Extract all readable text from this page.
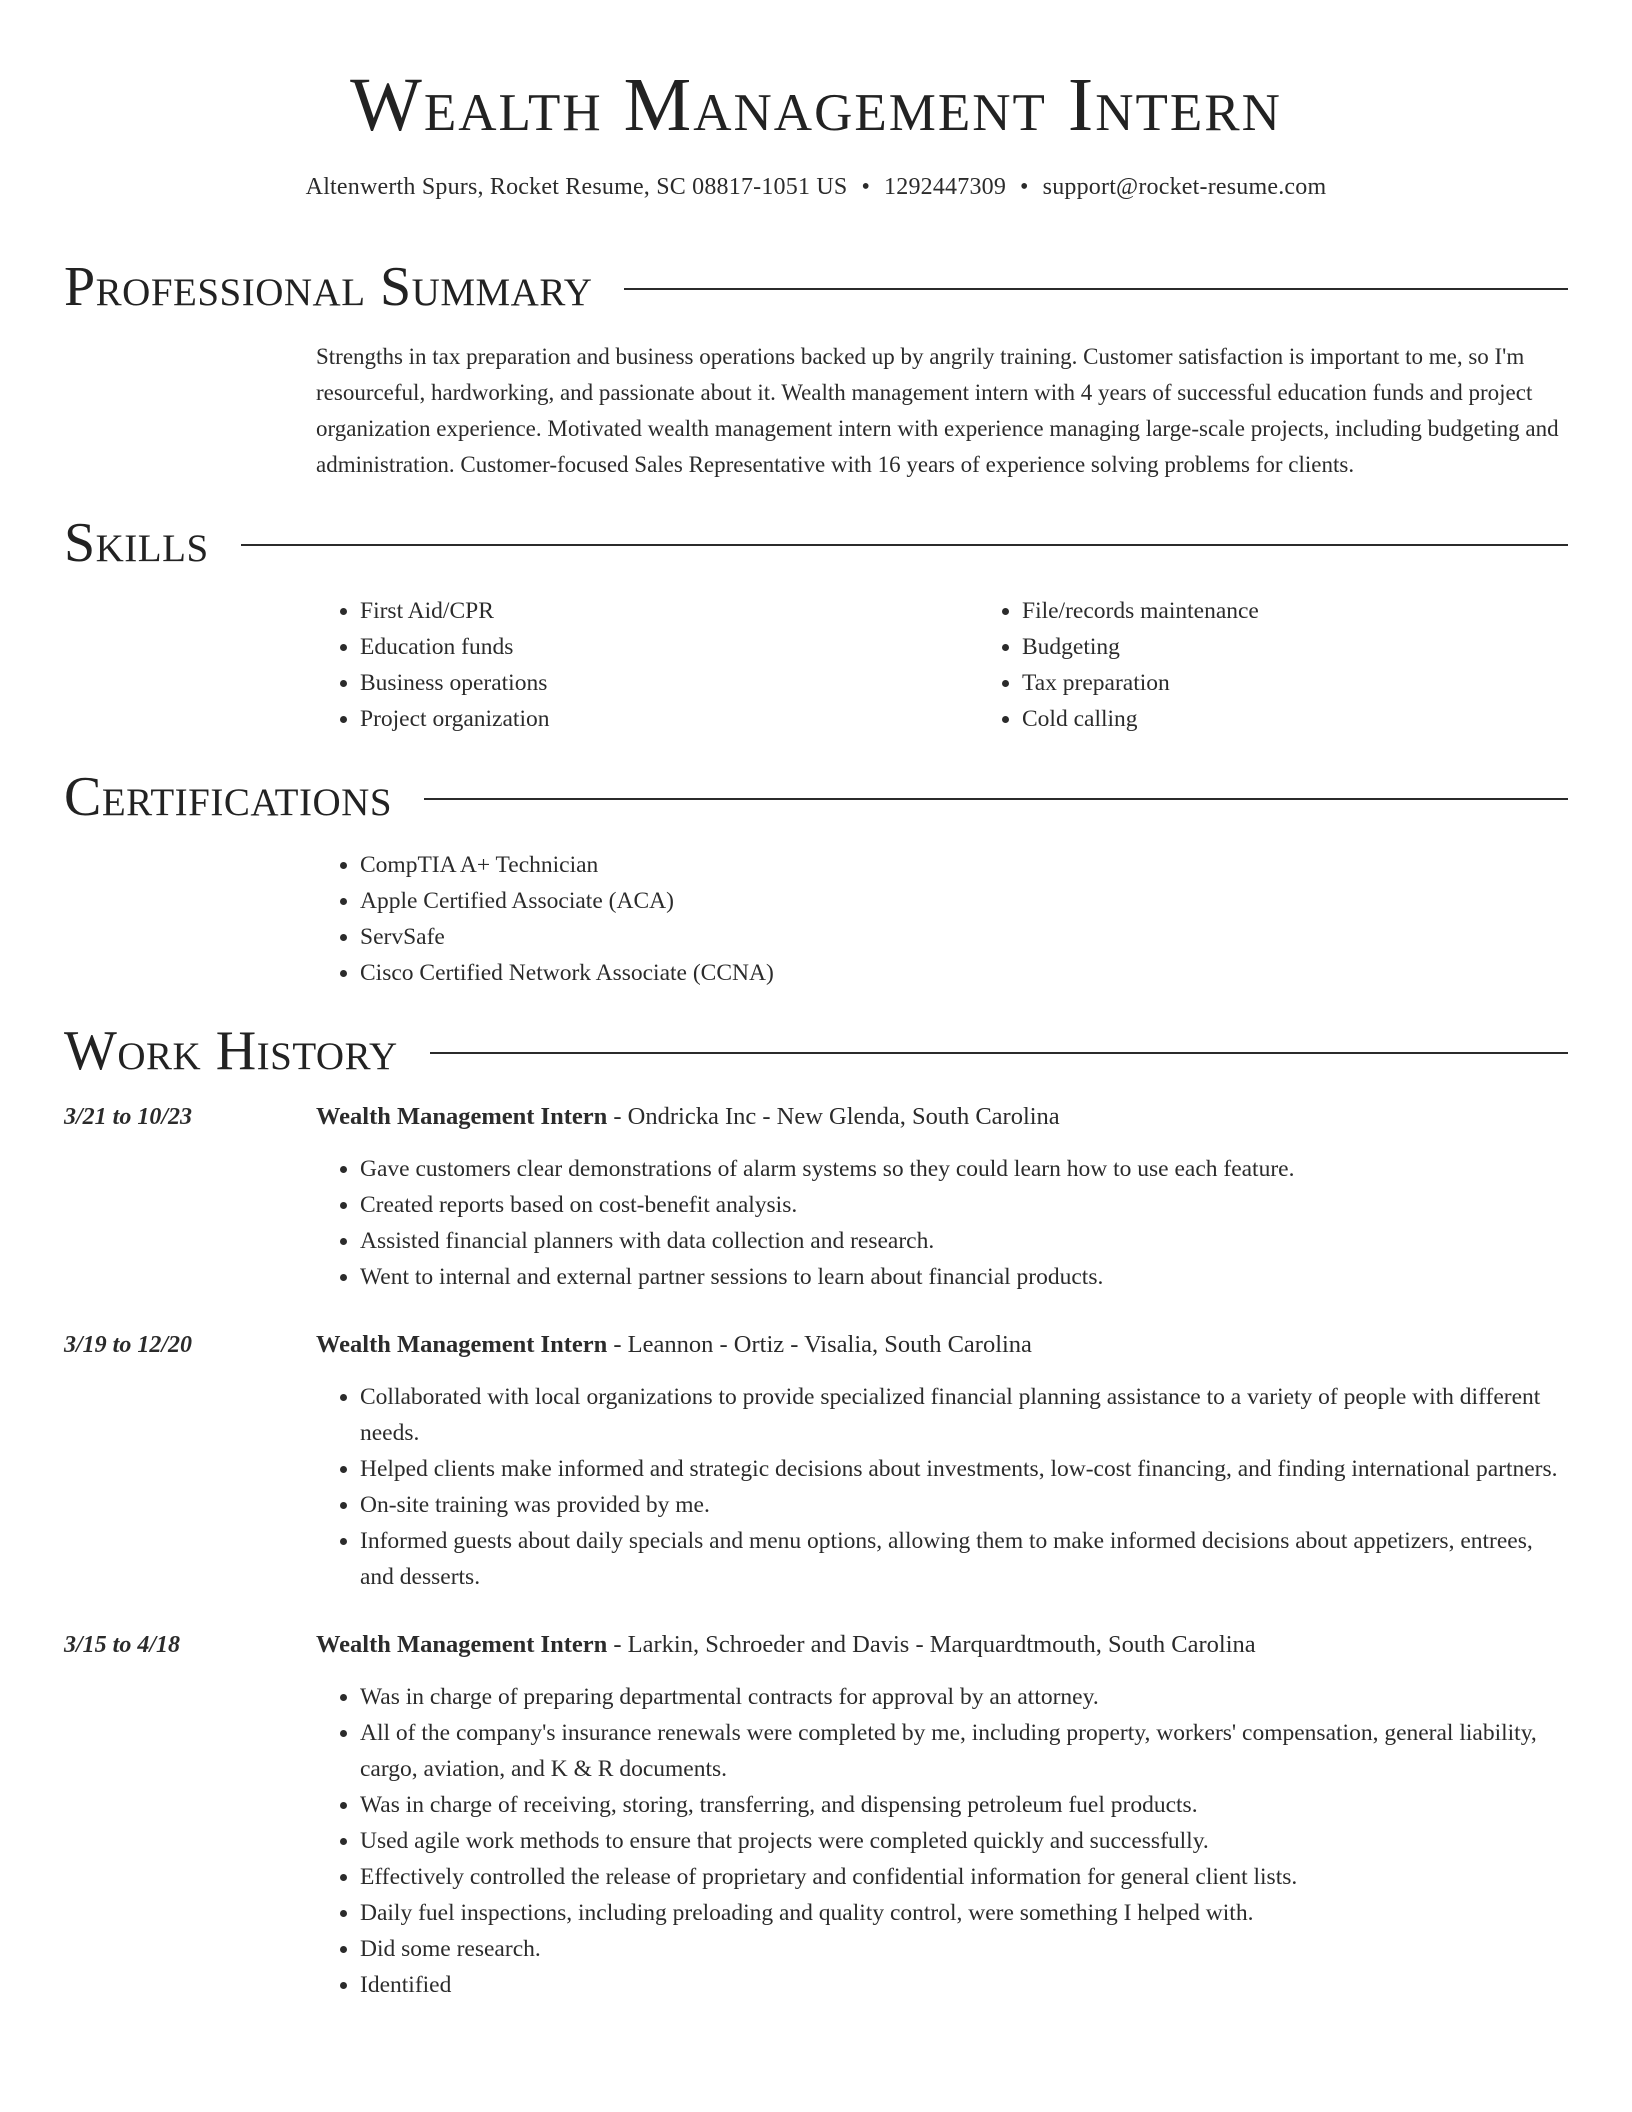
Wealth Management Intern
Altenwerth Spurs, Rocket Resume, SC 08817-1051 US • 1292447309 • support@rocket-resume.com
Professional Summary
Strengths in tax preparation and business operations backed up by angrily training. Customer satisfaction is important to me, so I'm resourceful, hardworking, and passionate about it. Wealth management intern with 4 years of successful education funds and project organization experience. Motivated wealth management intern with experience managing large-scale projects, including budgeting and administration. Customer-focused Sales Representative with 16 years of experience solving problems for clients.
Skills
• First Aid/CPR
• Education funds
• Business operations
• Project organization
• File/records maintenance
• Budgeting
• Tax preparation
• Cold calling
Certifications
• CompTIA A+ Technician
• Apple Certified Associate (ACA)
• ServSafe
• Cisco Certified Network Associate (CCNA)
Work History
3/21 to 10/23	Wealth Management Intern - Ondricka Inc - New Glenda, South Carolina
• Gave customers clear demonstrations of alarm systems so they could learn how to use each feature.
• Created reports based on cost-benefit analysis.
• Assisted financial planners with data collection and research.
• Went to internal and external partner sessions to learn about financial products.
3/19 to 12/20	Wealth Management Intern - Leannon - Ortiz - Visalia, South Carolina
• Collaborated with local organizations to provide specialized financial planning assistance to a variety of people with different needs.
• Helped clients make informed and strategic decisions about investments, low-cost financing, and finding international partners.
• On-site training was provided by me.
• Informed guests about daily specials and menu options, allowing them to make informed decisions about appetizers, entrees, and desserts.
3/15 to 4/18	Wealth Management Intern - Larkin, Schroeder and Davis - Marquardtmouth, South Carolina
• Was in charge of preparing departmental contracts for approval by an attorney.
• All of the company's insurance renewals were completed by me, including property, workers' compensation, general liability, cargo, aviation, and K & R documents.
• Was in charge of receiving, storing, transferring, and dispensing petroleum fuel products.
• Used agile work methods to ensure that projects were completed quickly and successfully.
• Effectively controlled the release of proprietary and confidential information for general client lists.
• Daily fuel inspections, including preloading and quality control, were something I helped with.
• Did some research.
• Identified
